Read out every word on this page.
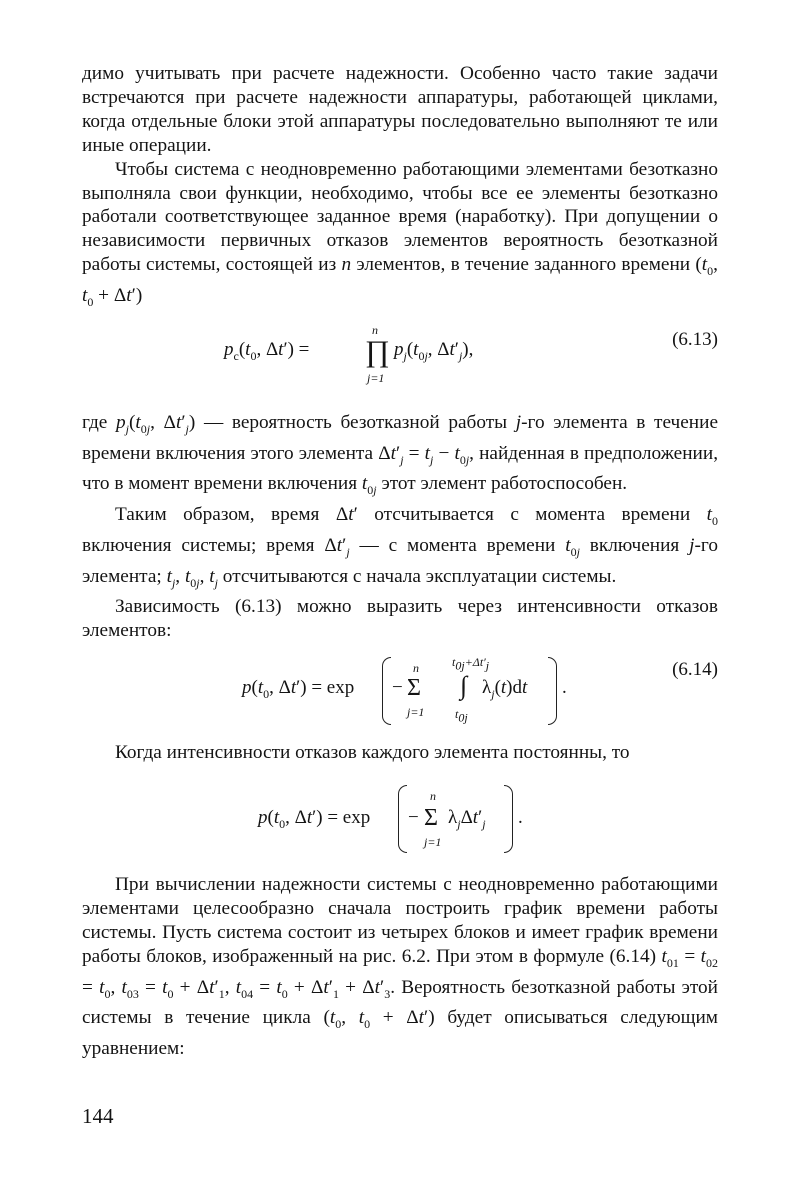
димо учитывать при расчете надежности. Особенно часто такие задачи встречаются при расчете надежности аппаратуры, работающей циклами, когда отдельные блоки этой аппаратуры последовательно выполняют те или иные операции.

Чтобы система с неодновременно работающими элементами безотказно выполняла свои функции, необходимо, чтобы все ее элементы безотказно работали соответствующее заданное время (наработку). При допущении о независимости первичных отказов элементов вероятность безотказной работы системы, состоящей из n элементов, в течение заданного времени ($t_0$, $t_0 + \Delta t'$)

(6.13)
$p_c(t_0$, Δt′) =
n
∏
j=1
$p_j(t_{0j}$, $\Delta t'_j$),

где $p_j(t_{0j}$, $\Delta t'_j$) — вероятность безотказной работы j-го элемента в течение времени включения этого элемента $\Delta t'_j = t_j - t_{0j}$, найденная в предположении, что в момент времени включения $t_{0j}$ этот элемент работоспособен.

Таким образом, время Δt′ отсчитывается с момента времени $t_0$ включения системы; время $\Delta t'_j$ — с момента времени $t_{0j}$ включения j-го элемента; $t_j$, $t_{0j}$, $t_j$ отсчитываются с начала эксплуатации системы.

Зависимость (6.13) можно выразить через интенсивности отказов элементов:

(6.14)
$p(t_0$, Δt′) = exp −
n
Σ
j=1
$t_{0j}+\Delta t'_j$
∫
$t_{0j}$
$\lambda_j(t)dt$ .

Когда интенсивности отказов каждого элемента постоянны, то

$p(t_0$, Δt′) = exp −
n
Σ
j=1
$\lambda_j\Delta t'_j$ .

При вычислении надежности системы с неодновременно работающими элементами целесообразно сначала построить график времени работы системы. Пусть система состоит из четырех блоков и имеет график времени работы блоков, изображенный на рис. 6.2. При этом в формуле (6.14) $t_{01} = t_{02} = t_0$, $t_{03} = t_0 + \Delta t'_1$, $t_{04} = t_0 + \Delta t'_1 + \Delta t'_3$. Вероятность безотказной работы этой системы в течение цикла ($t_0$, $t_0 + \Delta t'$) будет описываться следующим уравнением:

144
